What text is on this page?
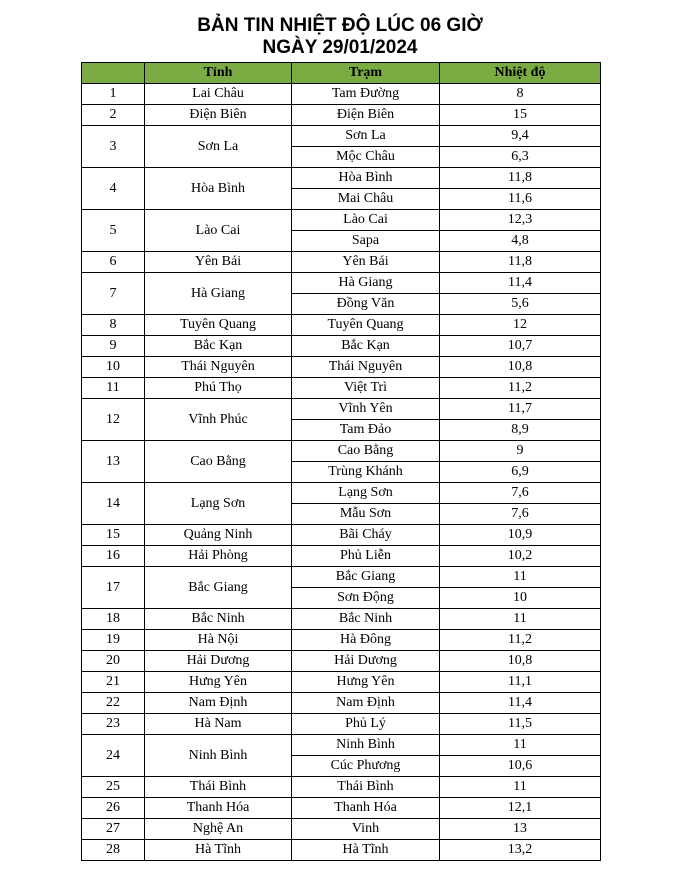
BẢN TIN NHIỆT ĐỘ LÚC 06 GIỜ
NGÀY 29/01/2024
	Tỉnh	Trạm	Nhiệt độ
1	Lai Châu	Tam Đường	8
2	Điện Biên	Điện Biên	15
3	Sơn La	Sơn La	9,4
		Mộc Châu	6,3
4	Hòa Bình	Hòa Bình	11,8
		Mai Châu	11,6
5	Lào Cai	Lào Cai	12,3
		Sapa	4,8
6	Yên Bái	Yên Bái	11,8
7	Hà Giang	Hà Giang	11,4
		Đồng Văn	5,6
8	Tuyên Quang	Tuyên Quang	12
9	Bắc Kạn	Bắc Kạn	10,7
10	Thái Nguyên	Thái Nguyên	10,8
11	Phú Thọ	Việt Trì	11,2
12	Vĩnh Phúc	Vĩnh Yên	11,7
		Tam Đảo	8,9
13	Cao Bằng	Cao Bằng	9
		Trùng Khánh	6,9
14	Lạng Sơn	Lạng Sơn	7,6
		Mẫu Sơn	7,6
15	Quảng Ninh	Bãi Cháy	10,9
16	Hải Phòng	Phủ Liễn	10,2
17	Bắc Giang	Bắc Giang	11
		Sơn Động	10
18	Bắc Ninh	Bắc Ninh	11
19	Hà Nội	Hà Đông	11,2
20	Hải Dương	Hải Dương	10,8
21	Hưng Yên	Hưng Yên	11,1
22	Nam Định	Nam Định	11,4
23	Hà Nam	Phủ Lý	11,5
24	Ninh Bình	Ninh Bình	11
		Cúc Phương	10,6
25	Thái Bình	Thái Bình	11
26	Thanh Hóa	Thanh Hóa	12,1
27	Nghệ An	Vinh	13
28	Hà Tĩnh	Hà Tĩnh	13,2
